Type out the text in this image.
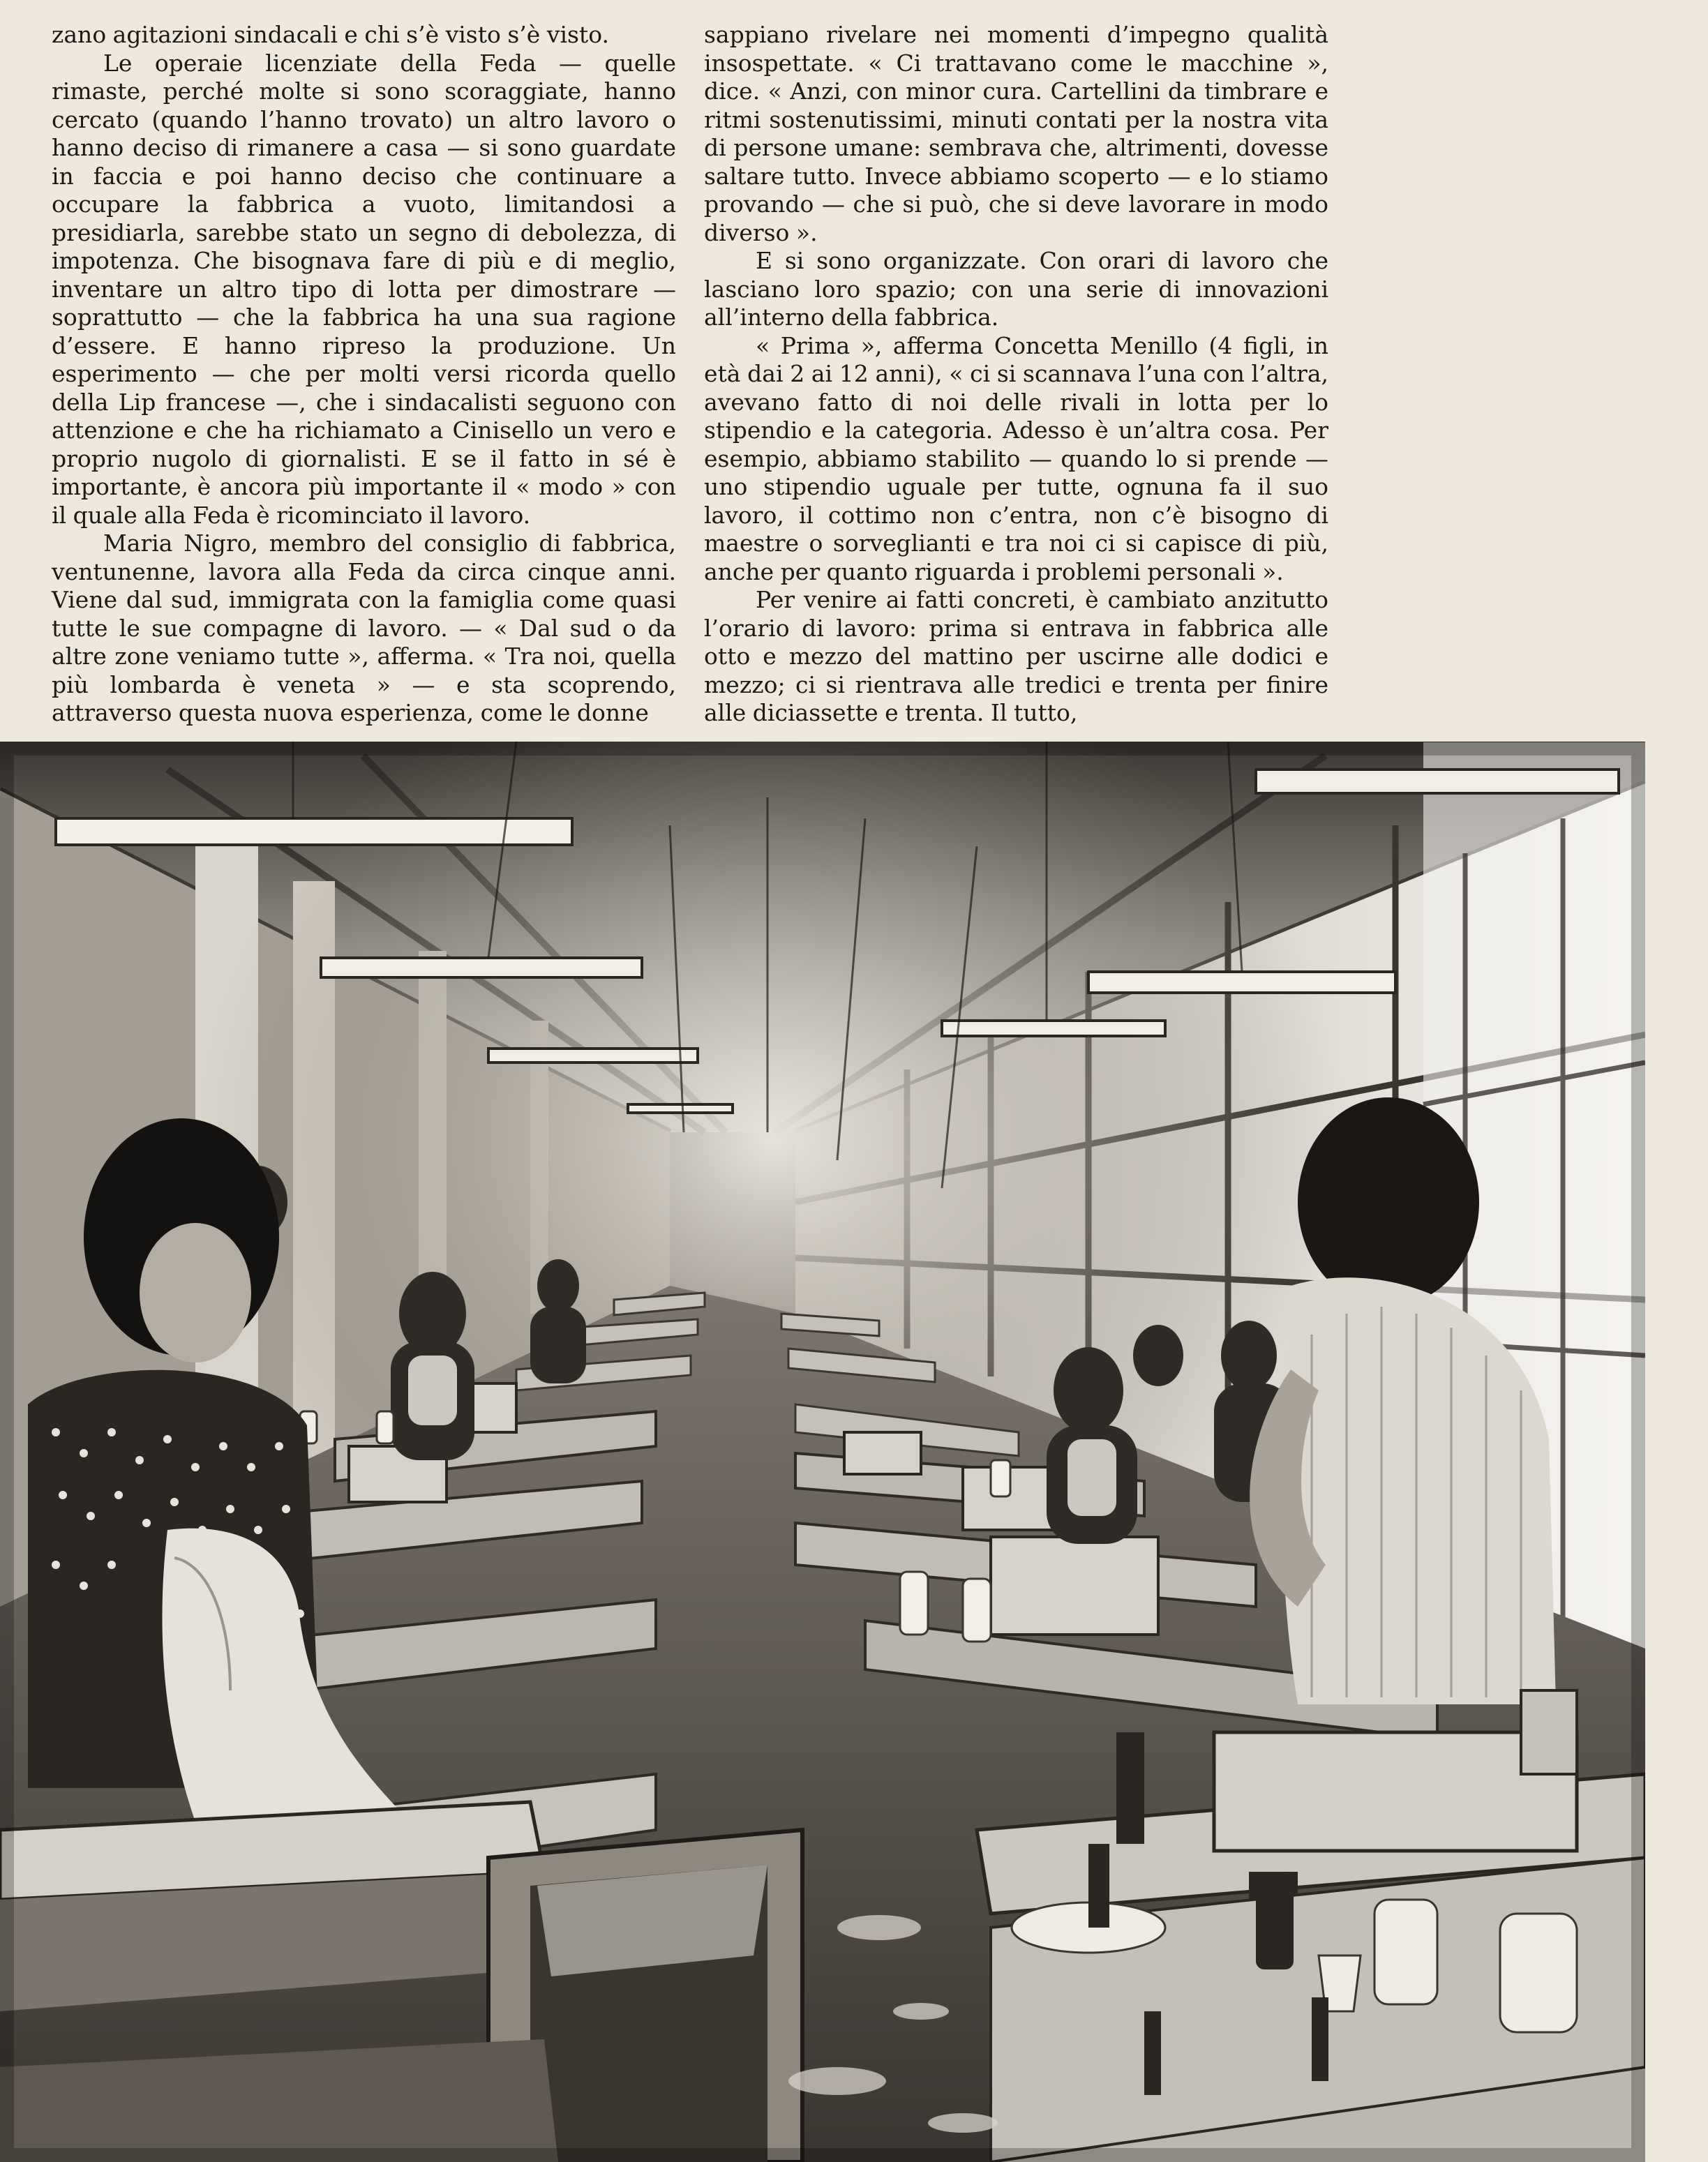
zano agitazioni sindacali e chi s’è visto s’è visto.

Le operaie licenziate della Feda — quelle rimaste, perché molte si sono scoraggiate, hanno cercato (quando l’hanno trovato) un altro lavoro o hanno deciso di rimanere a casa — si sono guardate in faccia e poi hanno deciso che continuare a occupare la fabbrica a vuoto, limitandosi a presidiarla, sarebbe stato un segno di debolezza, di impotenza. Che bisognava fare di più e di meglio, inventare un altro tipo di lotta per dimostrare — soprattutto — che la fabbrica ha una sua ragione d’essere. E hanno ripreso la produzione. Un esperimento — che per molti versi ricorda quello della Lip francese —, che i sindacalisti seguono con attenzione e che ha richiamato a Cinisello un vero e proprio nugolo di giornalisti. E se il fatto in sé è importante, è ancora più importante il « modo » con il quale alla Feda è ricominciato il lavoro.

Maria Nigro, membro del consiglio di fabbrica, ventunenne, lavora alla Feda da circa cinque anni. Viene dal sud, immigrata con la famiglia come quasi tutte le sue compagne di lavoro. — « Dal sud o da altre zone veniamo tutte », afferma. « Tra noi, quella più lombarda è veneta » — e sta scoprendo, attraverso questa nuova esperienza, come le donne

sappiano rivelare nei momenti d’impegno qualità insospettate. « Ci trattavano come le macchine », dice. « Anzi, con minor cura. Cartellini da timbrare e ritmi sostenutissimi, minuti contati per la nostra vita di persone umane: sembrava che, altrimenti, dovesse saltare tutto. Invece abbiamo scoperto — e lo stiamo provando — che si può, che si deve lavorare in modo diverso ».

E si sono organizzate. Con orari di lavoro che lasciano loro spazio; con una serie di innovazioni all’interno della fabbrica.

« Prima », afferma Concetta Menillo (4 figli, in età dai 2 ai 12 anni), « ci si scannava l’una con l’altra, avevano fatto di noi delle rivali in lotta per lo stipendio e la categoria. Adesso è un’altra cosa. Per esempio, abbiamo stabilito — quando lo si prende — uno stipendio uguale per tutte, ognuna fa il suo lavoro, il cottimo non c’entra, non c’è bisogno di maestre o sorveglianti e tra noi ci si capisce di più, anche per quanto riguarda i problemi personali ».

Per venire ai fatti concreti, è cambiato anzitutto l’orario di lavoro: prima si entrava in fabbrica alle otto e mezzo del mattino per uscirne alle dodici e mezzo; ci si rientrava alle tredici e trenta per finire alle diciassette e trenta. Il tutto,
